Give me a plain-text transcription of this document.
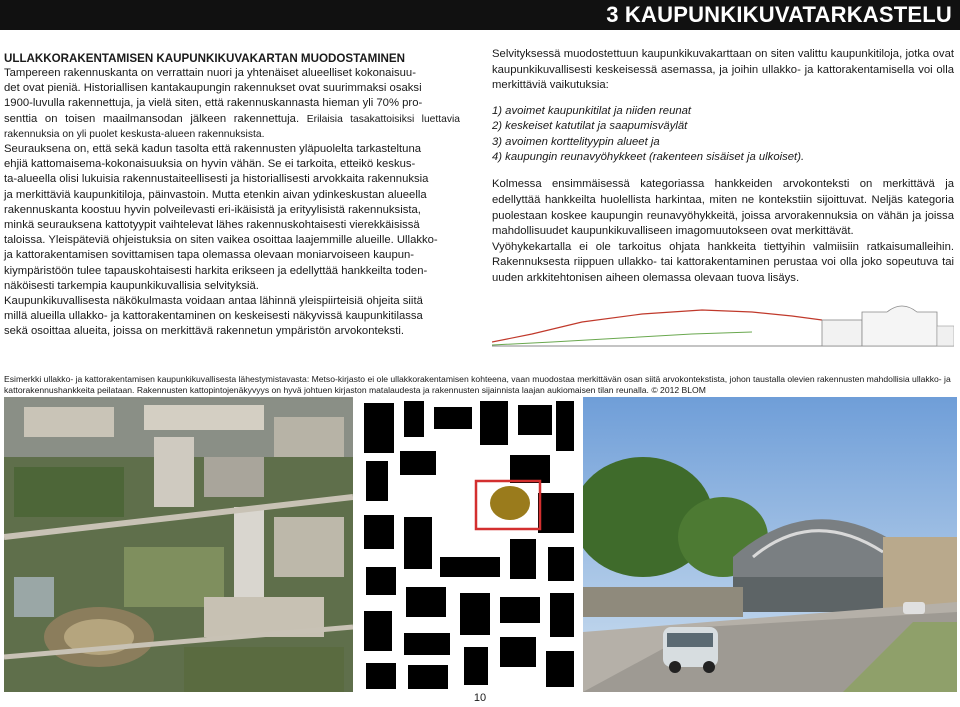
3 KAUPUNKIKUVATARKASTELU
ULLAKKORAKENTAMISEN KAUPUNKIKUVAKARTAN MUODOSTAMINEN

Tampereen rakennuskanta on verrattain nuori ja yhtenäiset alueelliset kokonaisuu-

det ovat pieniä. Historiallisen kantakaupungin rakennukset ovat suurimmaksi osaksi

1900-luvulla rakennettuja, ja vielä siten, että rakennuskannasta hieman yli 70% pro-

senttia on toisen maailmansodan jälkeen rakennettuja. Erilaisia tasakattoisiksi luettavia rakennuksia on yli puolet keskusta-alueen rakennuksista.

Seurauksena on, että sekä kadun tasolta että rakennusten yläpuolelta tarkasteltuna

ehjiä kattomaisema-kokonaisuuksia on hyvin vähän. Se ei tarkoita, etteikö keskus-

ta-alueella olisi lukuisia rakennustaiteellisesti ja historiallisesti arvokkaita rakennuksia

ja merkittäviä kaupunkitiloja, päinvastoin. Mutta etenkin aivan ydinkeskustan alueella

rakennuskanta koostuu hyvin polveilevasti eri-ikäisistä ja erityylisistä rakennuksista,

minkä seurauksena kattotyypit vaihtelevat lähes rakennuskohtaisesti vierekkäisissä

taloissa. Yleispäteviä ohjeistuksia on siten vaikea osoittaa laajemmille alueille. Ullakko-

ja kattorakentamisen sovittamisen tapa olemassa olevaan moniarvoiseen kaupun-

kiympäristöön tulee tapauskohtaisesti harkita erikseen ja edellyttää hankkeilta toden-

näköisesti tarkempia kaupunkikuvallisia selvityksiä.

Kaupunkikuvallisesta näkökulmasta voidaan antaa lähinnä yleispiirteisiä ohjeita siitä

millä alueilla ullakko- ja kattorakentaminen on keskeisesti näkyvissä kaupunkitilassa

sekä osoittaa alueita, joissa on merkittävä rakennetun ympäristön arvokonteksti.

Selvityksessä muodostettuun kaupunkikuvakarttaan on siten valittu kaupunkitiloja, jotka ovat kaupunkikuvallisesti keskeisessä asemassa, ja joihin ullakko- ja kattorakentamisella voi olla merkittäviä vaikutuksia:

1) avoimet kaupunkitilat ja niiden reunat
2) keskeiset katutilat ja saapumisväylät
3) avoimen korttelityypin alueet ja
4) kaupungin reunavyöhykkeet (rakenteen sisäiset ja ulkoiset).

Kolmessa ensimmäisessä kategoriassa hankkeiden arvokonteksti on merkittävä ja edellyttää hankkeilta huolellista harkintaa, miten ne kontekstiin sijoittuvat. Neljäs kategoria puolestaan koskee kaupungin reunavyöhykkeitä, joissa arvorakennuksia on vähän ja joissa mahdollisuudet kaupunkikuvalliseen imagomuutokseen ovat merkittävät.

Vyöhykekartalla ei ole tarkoitus ohjata hankkeita tiettyihin valmiisiin ratkaisumalleihin. Rakennuksesta riippuen ullakko- tai kattorakentaminen perustaa voi olla joko sopeutuva tai uuden arkkitehtonisen aiheen olemassa olevaan tuova lisäys.

Esimerkki ullakko- ja kattorakentamisen kaupunkikuvallisesta lähestymistavasta: Metso-kirjasto ei ole ullakkorakentamisen kohteena, vaan muodostaa merkittävän osan siitä arvokontekstista, johon taustalla olevien rakennusten mahdollisia ullakko- ja kattorakennushankkeita peilataan. Rakennusten kattopintojenäkyvyys on hyvä johtuen kirjaston matalaudesta ja rakennusten sijainnista laajan aukiomaisen tilan reunalla. © 2012 BLOM
10
